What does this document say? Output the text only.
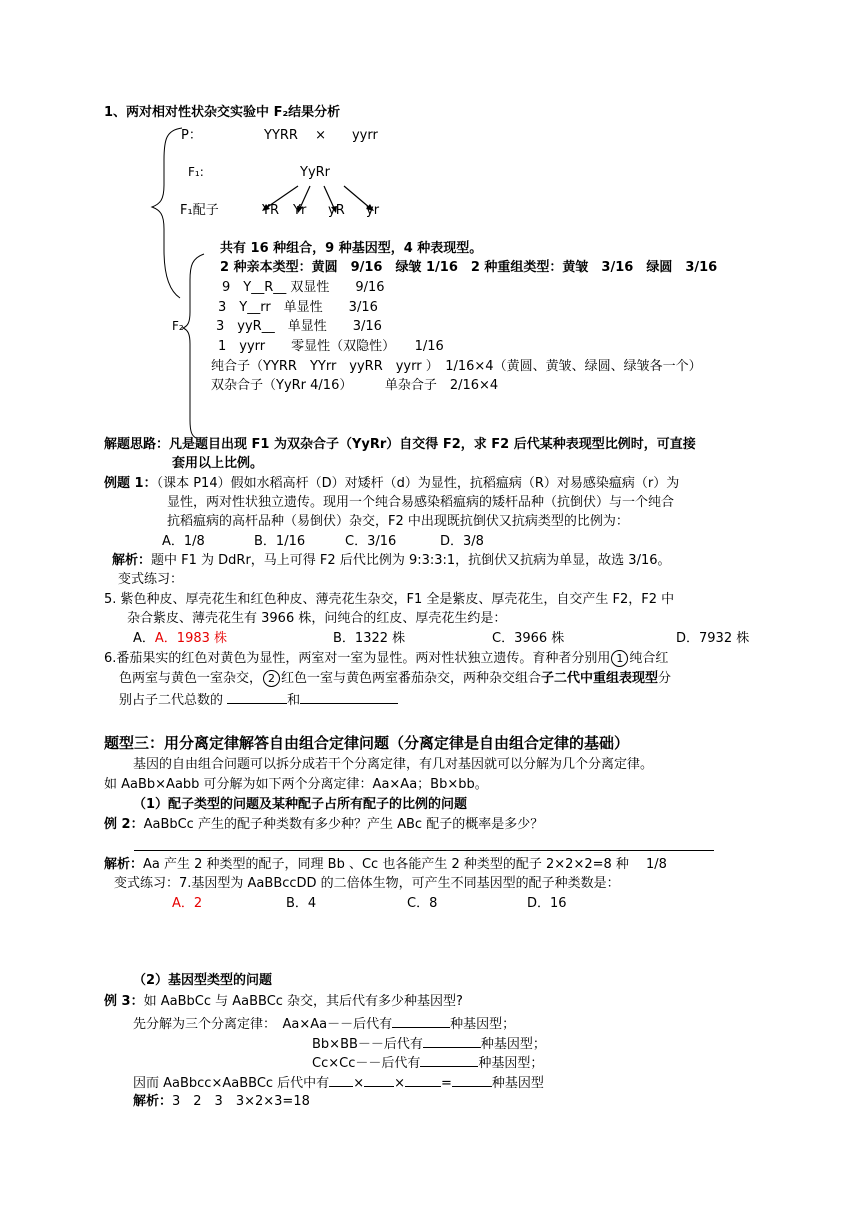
1、两对相对性状杂交实验中 F₂结果分析
P：	YYRR　 ×　　yyrr
F₁:	YyRr
F₁配子	YR Yr yR yr
F₂
共有 16 种组合，9 种基因型，4 种表现型。
2 种亲本类型：黄圆　9/16　绿皱 1/16　2 种重组类型：黄皱　3/16　绿圆　3/16
9　Y__R__ 双显性　　9/16
3　Y__rr　单显性　　3/16
3　yyR__　单显性　　3/16
1　yyrr　　零显性（双隐性）　　1/16
纯合子（YYRR　YYrr　yyRR　yyrr ）　1/16×4（黄圆、黄皱、绿圆、绿皱各一个）
双杂合子（YyRr 4/16）　　　单杂合子　2/16×4
解题思路：凡是题目出现 F1 为双杂合子（YyRr）自交得 F2，求 F2 后代某种表现型比例时，可直接
套用以上比例。
例题 1：（课本 P14）假如水稻高杆（D）对矮杆（d）为显性，抗稻瘟病（R）对易感染瘟病（r）为
显性，两对性状独立遗传。现用一个纯合易感染稻瘟病的矮杆品种（抗倒伏）与一个纯合
抗稻瘟病的高杆品种（易倒伏）杂交，F2 中出现既抗倒伏又抗病类型的比例为：
A．1/8	B．1/16	C．3/16	D．3/8
解析：题中 F1 为 DdRr，马上可得 F2 后代比例为 9:3:3:1，抗倒伏又抗病为单显，故选 3/16。
变式练习：
5. 紫色种皮、厚壳花生和红色种皮、薄壳花生杂交，F1 全是紫皮、厚壳花生，自交产生 F2，F2 中
杂合紫皮、薄壳花生有 3966 株，问纯合的红皮、厚壳花生约是：
A．A．1983 株	B．1322 株	C．3966 株	D．7932 株
6.番茄果实的红色对黄色为显性，两室对一室为显性。两对性状独立遗传。育种者分别用 1 纯合红
色两室与黄色一室杂交， 2 红色一室与黄色两室番茄杂交，两种杂交组合子二代中重组表现型分
别占子二代总数的	和
题型三：用分离定律解答自由组合定律问题（分离定律是自由组合定律的基础）
基因的自由组合问题可以拆分成若干个分离定律，有几对基因就可以分解为几个分离定律。
如 AaBb×Aabb 可分解为如下两个分离定律：Aa×Aa；Bb×bb。
（1）配子类型的问题及某种配子占所有配子的比例的问题
例 2：AaBbCc 产生的配子种类数有多少种？产生 ABc 配子的概率是多少？
解析：Aa 产生 2 种类型的配子，同理 Bb 、Cc 也各能产生 2 种类型的配子 2×2×2=8 种　 1/8
变式练习：7.基因型为 AaBBccDD 的二倍体生物，可产生不同基因型的配子种类数是：
A．2	B．4	C．8	D．16
（2）基因型类型的问题
例 3：如 AaBbCc 与 AaBBCc 杂交，其后代有多少种基因型?
先分解为三个分离定律：　Aa×Aa－－后代有	种基因型；
Bb×BB－－后代有	种基因型；
Cc×Cc－－后代有	种基因型；
因而 AaBbcc×AaBBCc 后代中有 × ×	=	种基因型
解析：3　2　3　3×2×3=18
